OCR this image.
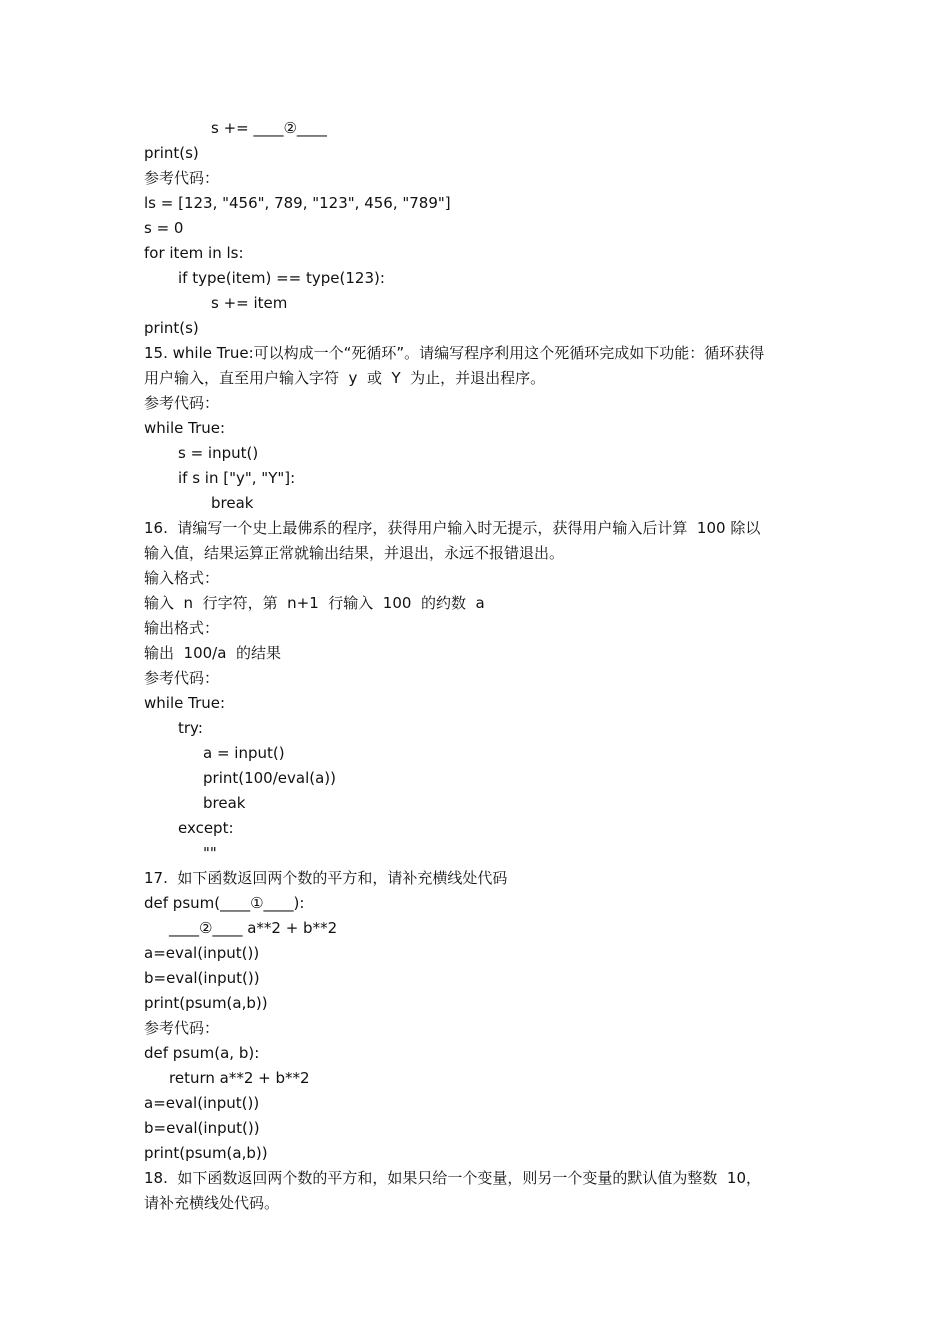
s += ____②____
print(s)
参考代码：
ls = [123, "456", 789, "123", 456, "789"]
s = 0
for item in ls:
if type(item) == type(123):
s += item
print(s)
15. while True:可以构成一个“死循环”。请编写程序利用这个死循环完成如下功能：循环获得
用户输入，直至用户输入字符  y  或  Y  为止，并退出程序。
参考代码：
while True:
s = input()
if s in ["y", "Y"]:
break
16.  请编写一个史上最佛系的程序，获得用户输入时无提示，获得用户输入后计算  100 除以
输入值，结果运算正常就输出结果，并退出，永远不报错退出。
输入格式：
输入  n  行字符，第  n+1  行输入  100  的约数  a
输出格式：
输出  100/a  的结果
参考代码：
while True:
try:
a = input()
print(100/eval(a))
break
except:
""
17.  如下函数返回两个数的平方和，请补充横线处代码
def psum(____①____):
____②____ a**2 + b**2
a=eval(input())
b=eval(input())
print(psum(a,b))
参考代码：
def psum(a, b):
return a**2 + b**2
a=eval(input())
b=eval(input())
print(psum(a,b))
18.  如下函数返回两个数的平方和，如果只给一个变量，则另一个变量的默认值为整数  10，
请补充横线处代码。
